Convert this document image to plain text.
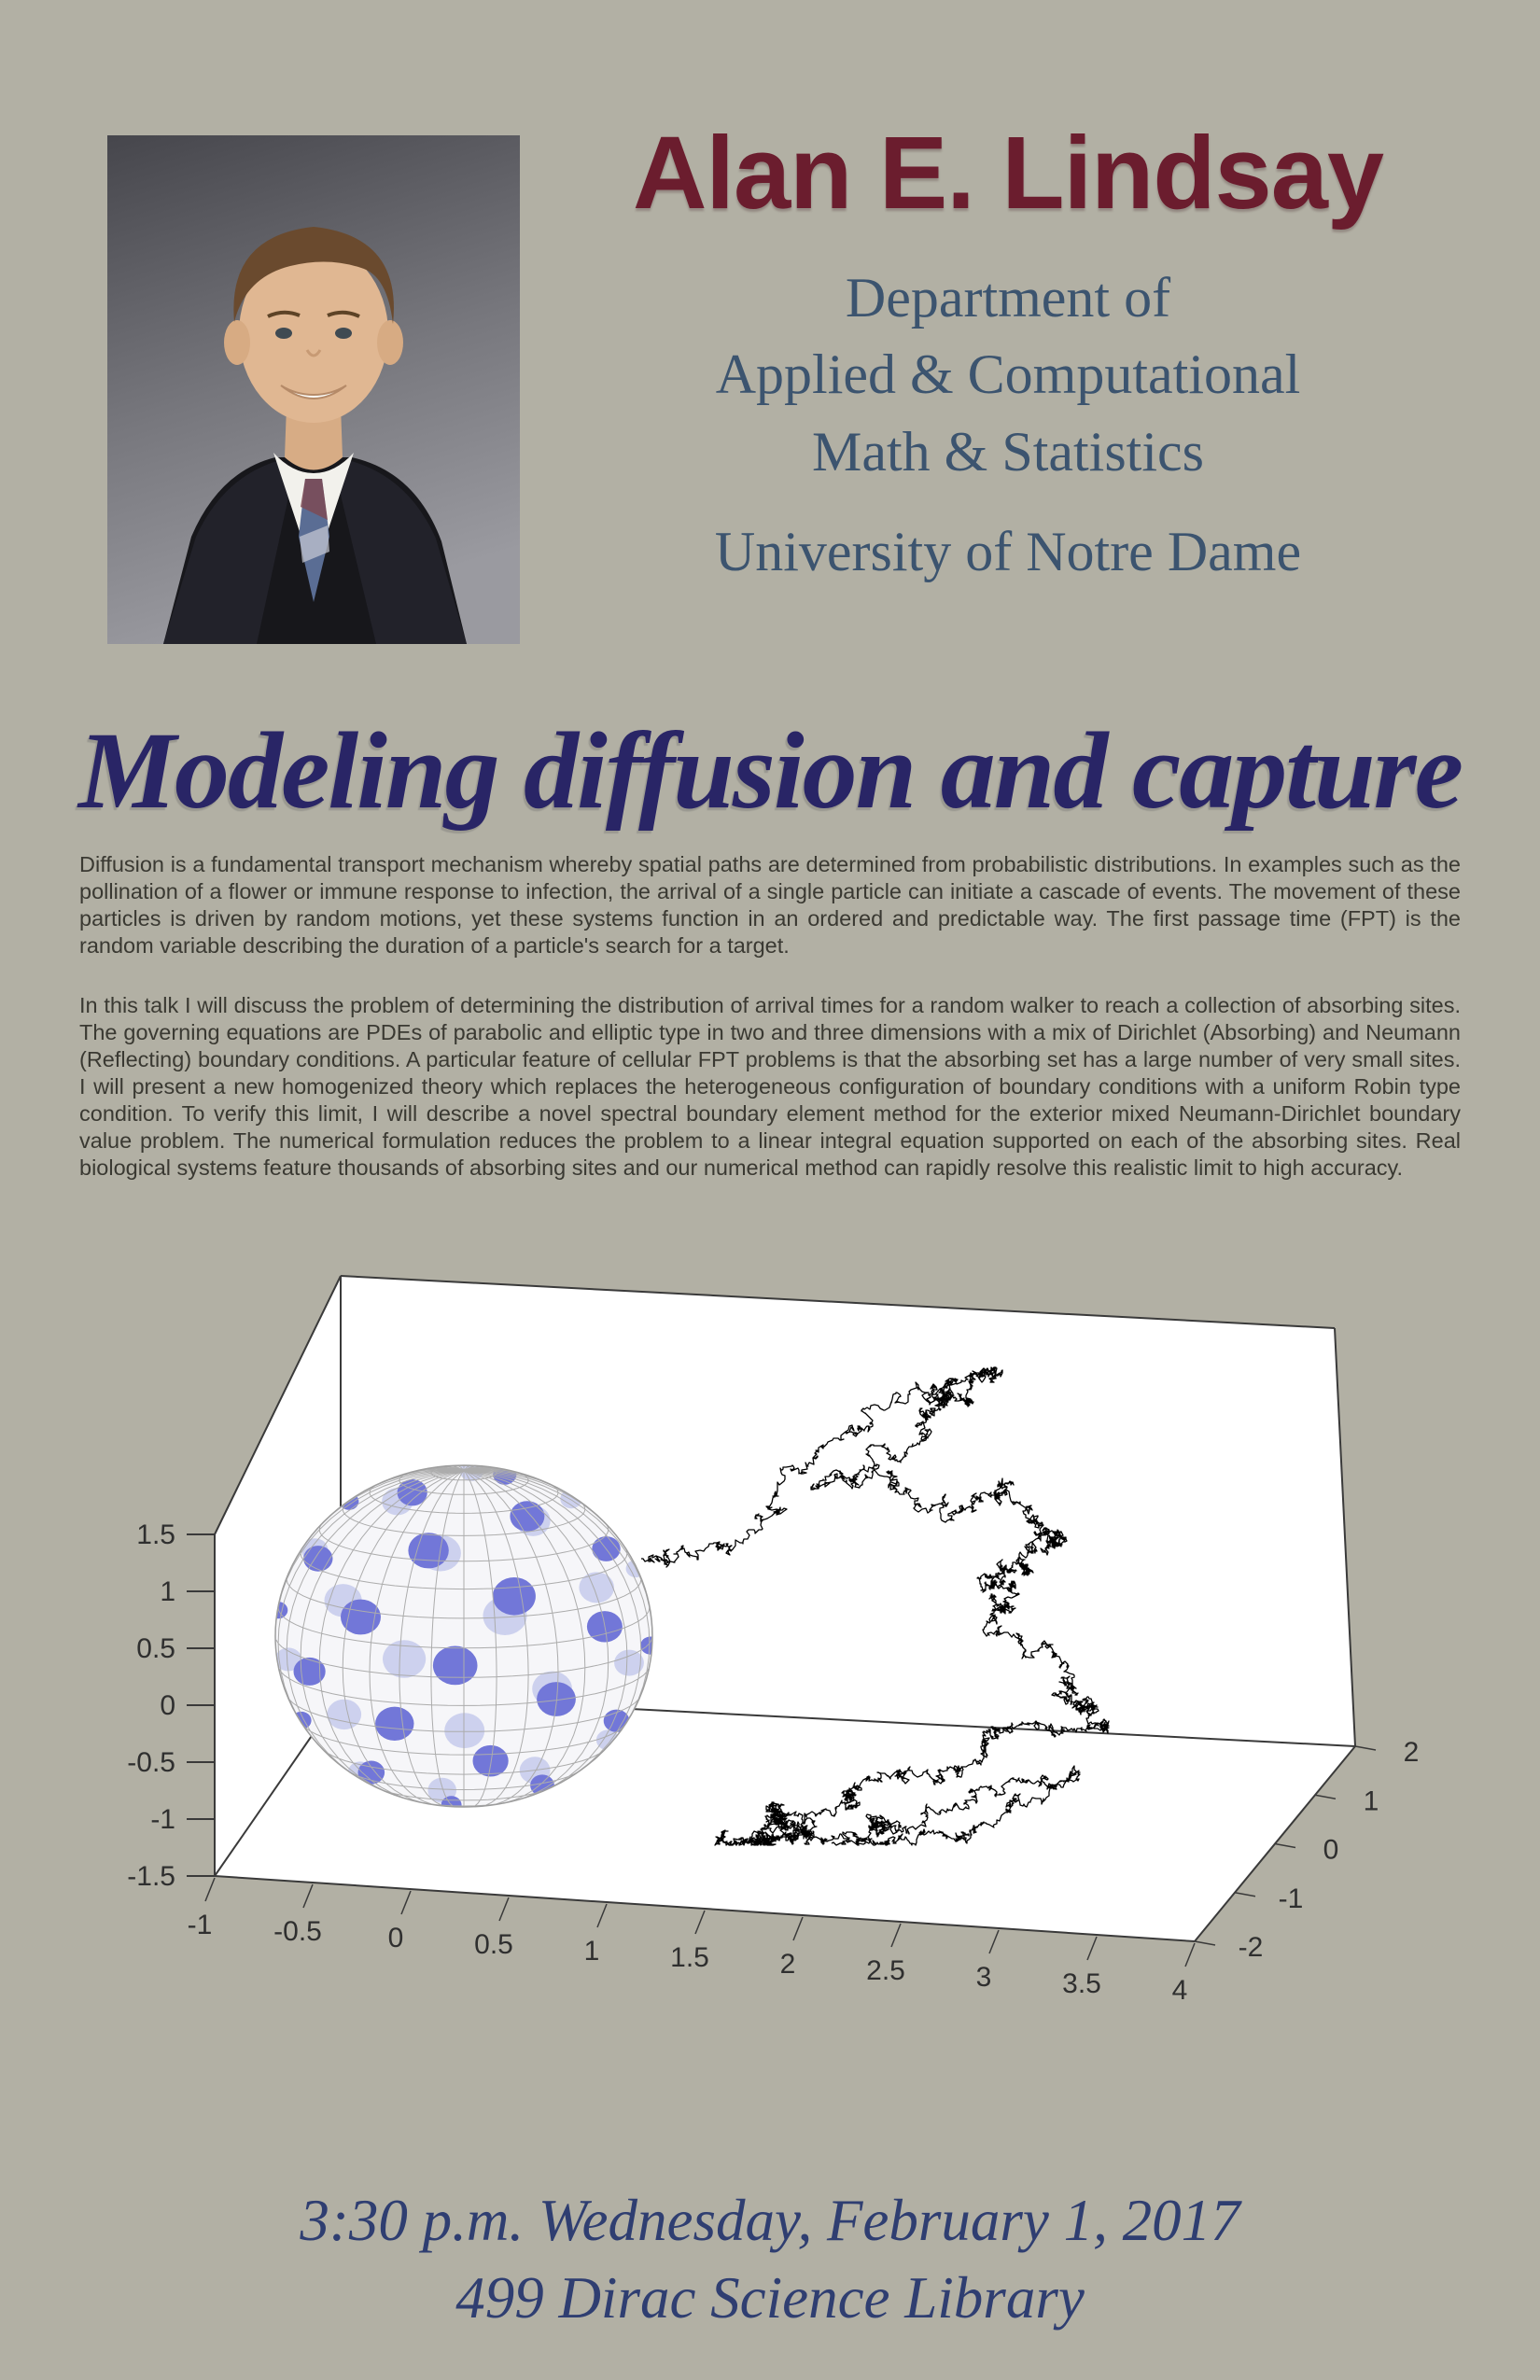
Alan E. Lindsay
Department of
Applied & Computational
Math & Statistics
University of Notre Dame
Modeling diffusion and capture

Diffusion is a fundamental transport mechanism whereby spatial paths are determined from probabilistic distributions. In examples such as the pollination of a flower or immune response to infection, the arrival of a single particle can initiate a cascade of events. The movement of these particles is driven by random motions, yet these systems function in an ordered and predictable way. The first passage time (FPT) is the random variable describing the duration of a particle's search for a target.

In this talk I will discuss the problem of determining the distribution of arrival times for a random walker to reach a collection of absorbing sites. The governing equations are PDEs of parabolic and elliptic type in two and three dimensions with a mix of Dirichlet (Absorbing) and Neumann (Reflecting) boundary conditions. A particular feature of cellular FPT problems is that the absorbing set has a large number of very small sites. I will present a new homogenized theory which replaces the heterogeneous configuration of boundary conditions with a uniform Robin type condition. To verify this limit, I will describe a novel spectral boundary element method for the exterior mixed Neumann-Dirichlet boundary value problem. The numerical formulation reduces the problem to a linear integral equation supported on each of the absorbing sites. Real biological systems feature thousands of absorbing sites and our numerical method can rapidly resolve this realistic limit to high accuracy.

1.5
1
0.5
0
-0.5
-1
-1.5
-1 -0.5 0	0.5	1	1.5	2	2.5	3	3.5	4
2
1
0
-1
-2
3:30 p.m. Wednesday, February 1, 2017
499 Dirac Science Library
